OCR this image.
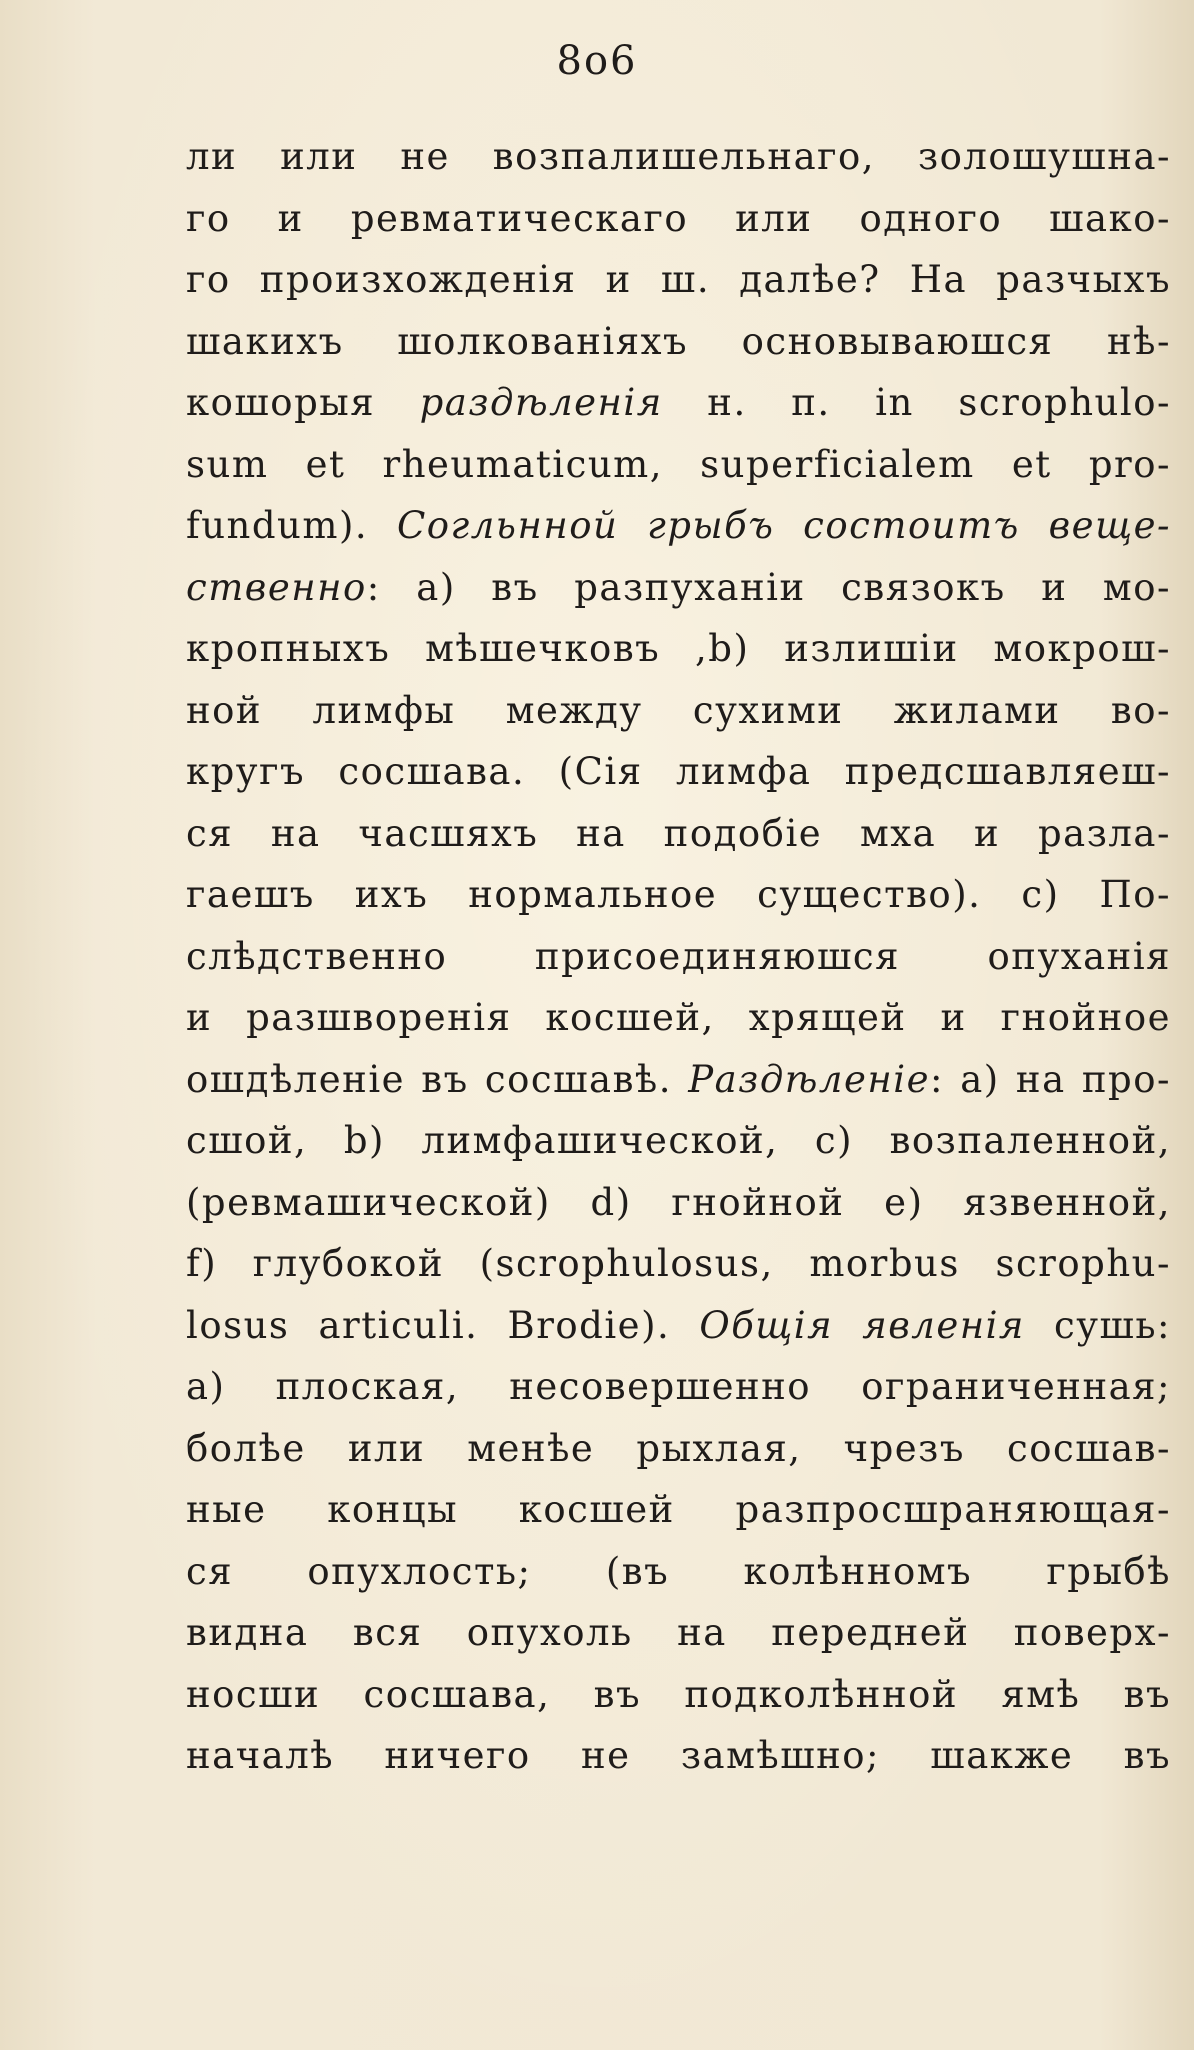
8o6
ли или не возпалишельнаго, золошушна-
го и ревматическаго или одного шако-
го произхожденія и ш. далѣе? На разчыхъ
шакихъ шолкованіяхъ основываюшся нѣ-
кошорыя раздѣленія н. п. in scrophulo-
sum et rheumaticum, superficialem et pro-
fundum). Согльнной грыбъ состоитъ веще-
ственно: а) въ разпуханіи связокъ и мо-
кропныхъ мѣшечковъ ,b) излишіи мокрош-
ной лимфы между сухими жилами во-
кругъ сосшава. (Сія лимфа предсшавляеш-
ся на часшяхъ на подобіе мха и разла-
гаешъ ихъ нормальное существо). c) По-
слѣдственно присоединяюшся опуханія
и разшворенія косшей, хрящей и гнойное
ошдѣленіе въ сосшавѣ. Раздѣленіе: а) на про-
сшой, b) лимфашической, c) возпаленной,
(ревмашической) d) гнойной e) язвенной,
f) глубокой (scrophulosus, morbus scrophu-
losus articuli. Brodie). Общія явленія сушь:
а) плоская, несовершенно ограниченная;
болѣе или менѣе рыхлая, чрезъ сосшав-
ные концы косшей разпросшраняющая-
ся опухлость; (въ колѣнномъ грыбѣ
видна вся опухоль на передней поверх-
носши сосшава, въ подколѣнной ямѣ въ
началѣ ничего не замѣшно; шакже въ
